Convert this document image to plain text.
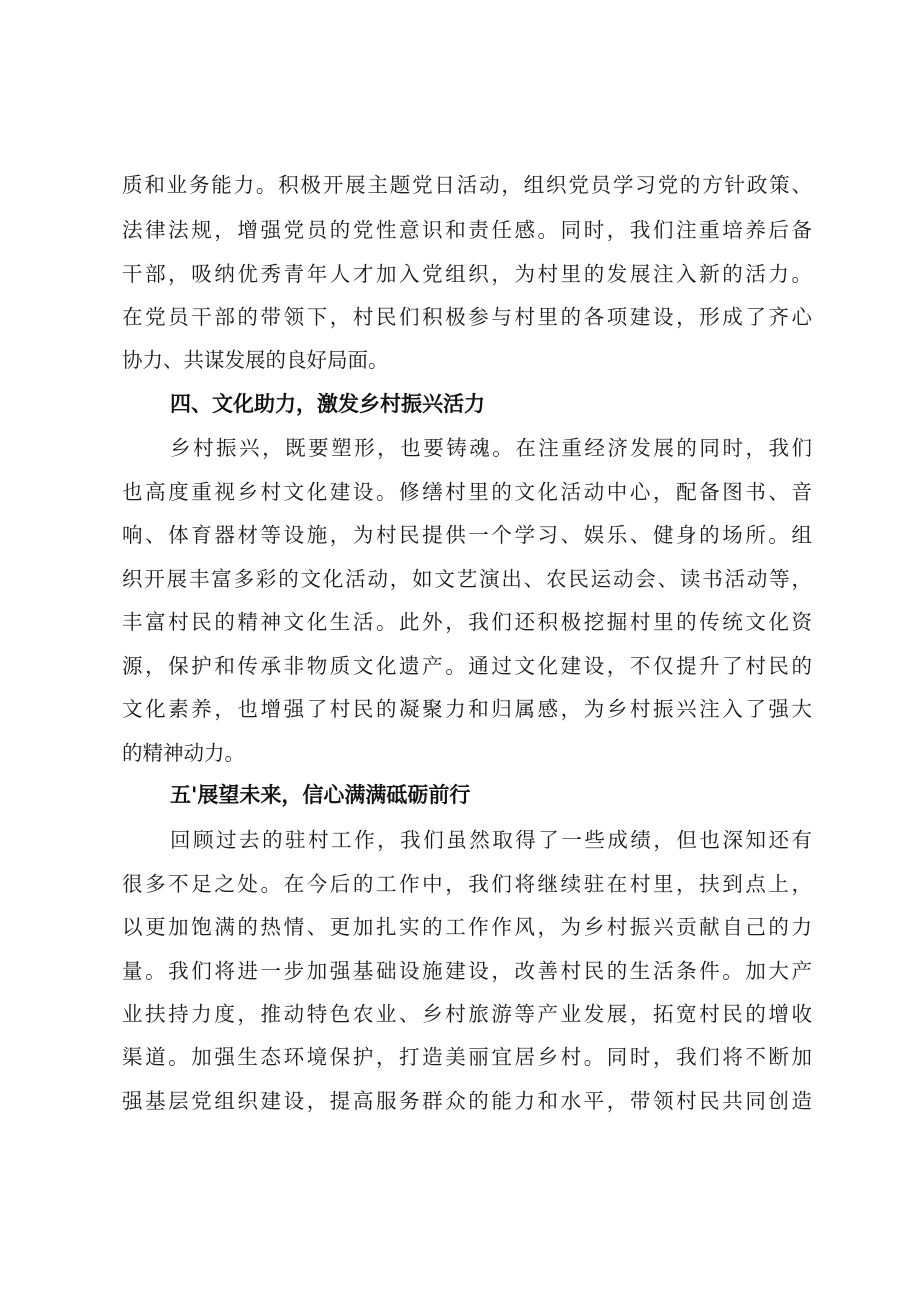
质和业务能力。积极开展主题党日活动，组织党员学习党的方针政策、
法律法规，增强党员的党性意识和责任感。同时，我们注重培养后备
干部，吸纳优秀青年人才加入党组织，为村里的发展注入新的活力。
在党员干部的带领下，村民们积极参与村里的各项建设，形成了齐心
协力、共谋发展的良好局面。
四、文化助力，激发乡村振兴活力
乡村振兴，既要塑形，也要铸魂。在注重经济发展的同时，我们
也高度重视乡村文化建设。修缮村里的文化活动中心，配备图书、音
响、体育器材等设施，为村民提供一个学习、娱乐、健身的场所。组
织开展丰富多彩的文化活动，如文艺演出、农民运动会、读书活动等，
丰富村民的精神文化生活。此外，我们还积极挖掘村里的传统文化资
源，保护和传承非物质文化遗产。通过文化建设，不仅提升了村民的
文化素养，也增强了村民的凝聚力和归属感，为乡村振兴注入了强大
的精神动力。
五'展望未来，信心满满砥砺前行
回顾过去的驻村工作，我们虽然取得了一些成绩，但也深知还有
很多不足之处。在今后的工作中，我们将继续驻在村里，扶到点上，
以更加饱满的热情、更加扎实的工作作风，为乡村振兴贡献自己的力
量。我们将进一步加强基础设施建设，改善村民的生活条件。加大产
业扶持力度，推动特色农业、乡村旅游等产业发展，拓宽村民的增收
渠道。加强生态环境保护，打造美丽宜居乡村。同时，我们将不断加
强基层党组织建设，提高服务群众的能力和水平，带领村民共同创造
